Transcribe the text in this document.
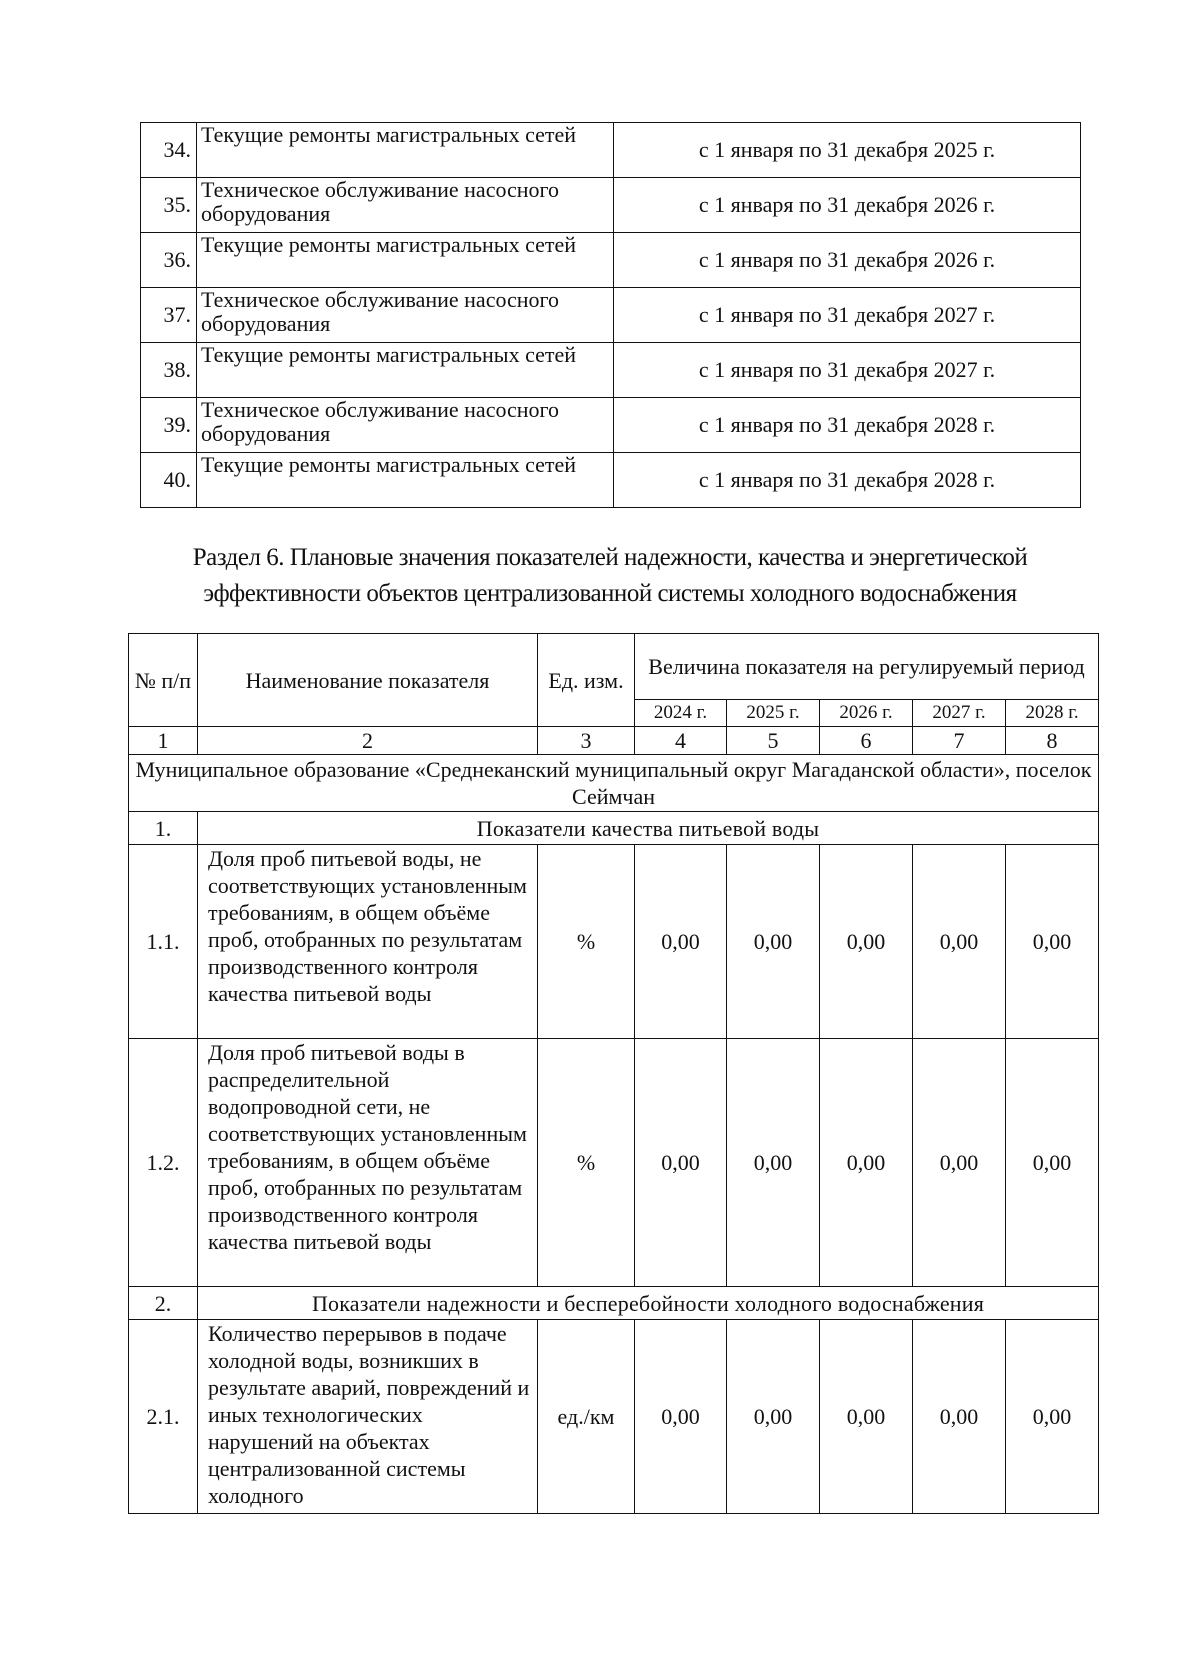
34.	Текущие ремонты магистральных сетей	с 1 января по 31 декабря 2025 г.
35.	Техническое обслуживание насосного оборудования	с 1 января по 31 декабря 2026 г.
36.	Текущие ремонты магистральных сетей	с 1 января по 31 декабря 2026 г.
37.	Техническое обслуживание насосного оборудования	с 1 января по 31 декабря 2027 г.
38.	Текущие ремонты магистральных сетей	с 1 января по 31 декабря 2027 г.
39.	Техническое обслуживание насосного оборудования	с 1 января по 31 декабря 2028 г.
40.	Текущие ремонты магистральных сетей	с 1 января по 31 декабря 2028 г.
Раздел 6. Плановые значения показателей надежности, качества и энергетической
эффективности объектов централизованной системы холодного водоснабжения
№ п/п	Наименование показателя	Ед. изм.	Величина показателя на регулируемый период				
			2024 г.	2025 г.	2026 г.	2027 г.	2028 г.
1	2	3	4	5	6	7	8
Муниципальное образование «Среднеканский муниципальный округ Магаданской области», поселок Сеймчан							
1.	Показатели качества питьевой воды						
1.1.	Доля проб питьевой воды, не соответствующих установленным требованиям, в общем объёме проб, отобранных по результатам производственного контроля качества питьевой воды	%	0,00	0,00	0,00	0,00	0,00
1.2.	Доля проб питьевой воды в распределительной водопроводной сети, не соответствующих установленным требованиям, в общем объёме проб, отобранных по результатам производственного контроля качества питьевой воды	%	0,00	0,00	0,00	0,00	0,00
2.	Показатели надежности и бесперебойности холодного водоснабжения						
2.1.	Количество перерывов в подаче холодной воды, возникших в результате аварий, повреждений и иных технологических нарушений на объектах централизованной системы холодного	ед./км	0,00	0,00	0,00	0,00	0,00
